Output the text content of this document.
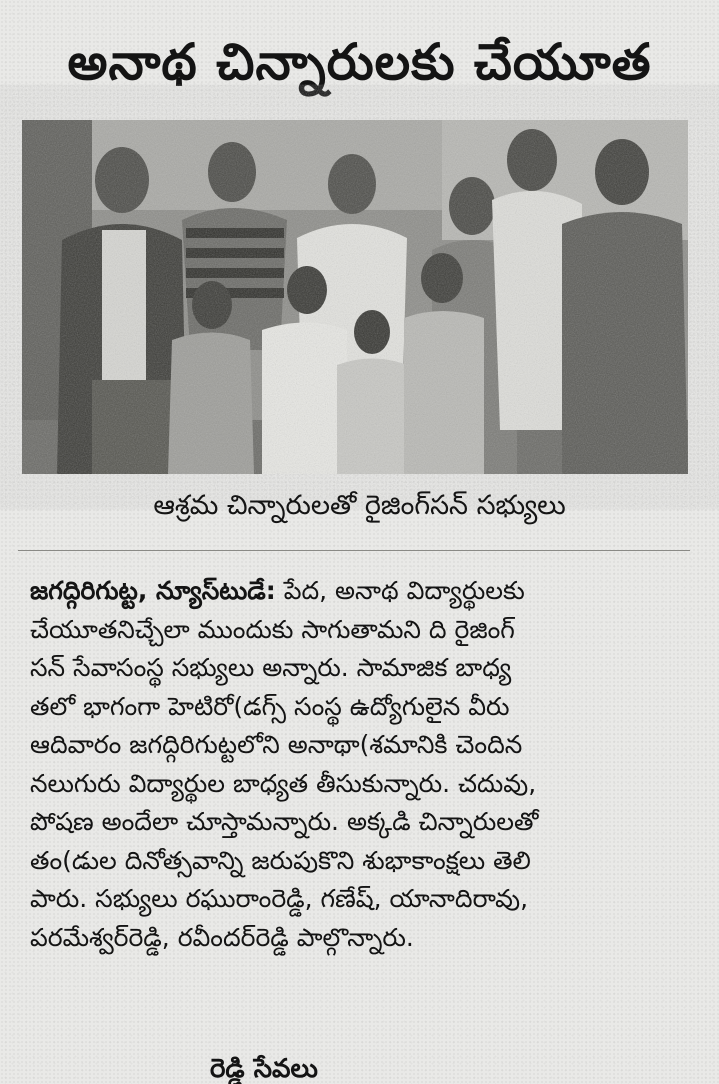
అనాథ చిన్నారులకు చేయూత

ఆశ్రమ చిన్నారులతో రైజింగ్‌సన్ సభ్యులు

జగద్గిరిగుట్ట, న్యూస్‌టుడే: పేద, అనాథ విద్యార్థులకు
చేయూతనిచ్చేలా ముందుకు సాగుతామని ది రైజింగ్
సన్ సేవాసంస్థ సభ్యులు అన్నారు. సామాజిక బాధ్య
తలో భాగంగా హెటిరో(డగ్స్ సంస్థ ఉద్యోగులైన వీరు
ఆదివారం జగద్గిరిగుట్టలోని అనాథా(శమానికి చెందిన
నలుగురు విద్యార్థుల బాధ్యత తీసుకున్నారు. చదువు,
పోషణ అందేలా చూస్తామన్నారు. అక్కడి చిన్నారులతో
తం(డుల దినోత్సవాన్ని జరుపుకొని శుభాకాంక్షలు తెలి
పారు. సభ్యులు రఘురాంరెడ్డి, గణేష్, యానాదిరావు,
పరమేశ్వర్‌రెడ్డి, రవీందర్‌రెడ్డి పాల్గొన్నారు.

రెడ్డి సేవలు
